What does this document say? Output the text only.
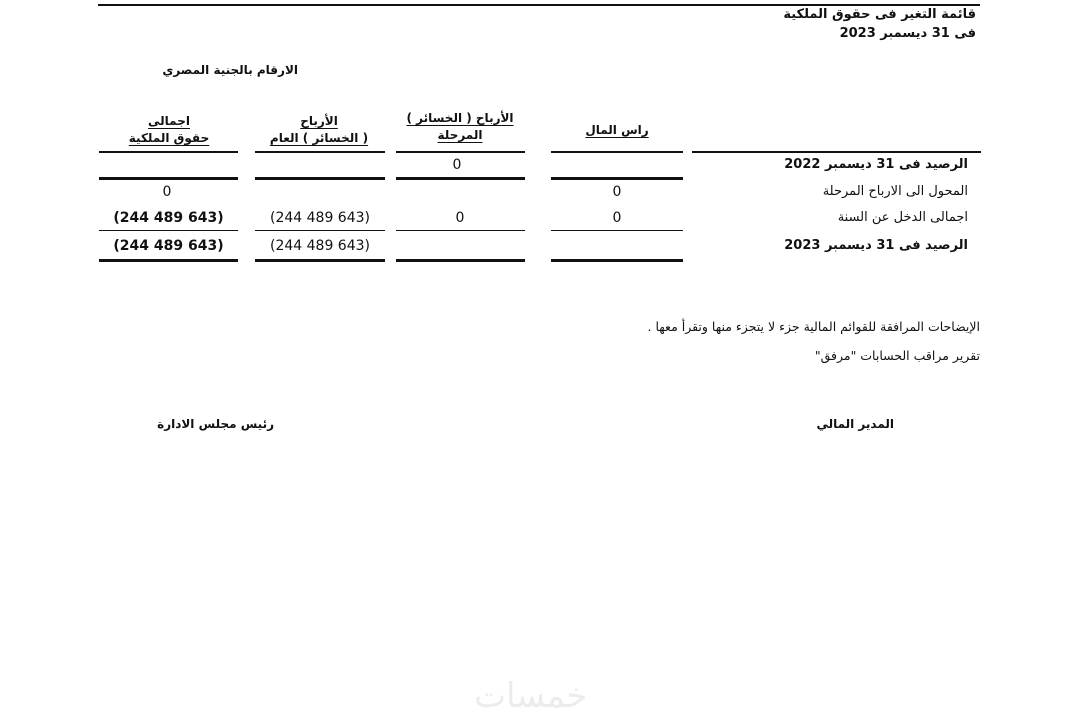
قائمة التغير فى حقوق الملكية
فى 31 ديسمبر 2023
الارقام بالجنية المصري
راس المال
الأرباح ( الخسائر )
المرحلة
الأرباح
( الخسائر ) العام
اجمالى
حقوق الملكية
الرصيد فى 31 ديسمبر 2022
0
المحول الى الارباح المرحلة
0
0
اجمالى الدخل عن السنة
0
0
(244 489 643)
(244 489 643)
الرصيد فى 31 ديسمبر 2023
(244 489 643)
(244 489 643)
الإيضاحات المرافقة للقوائم المالية جزء لا يتجزء منها وتقرأ معها .
تقرير مراقب الحسابات "مرفق"
المدير المالي
رئيس مجلس الادارة
خمسات
